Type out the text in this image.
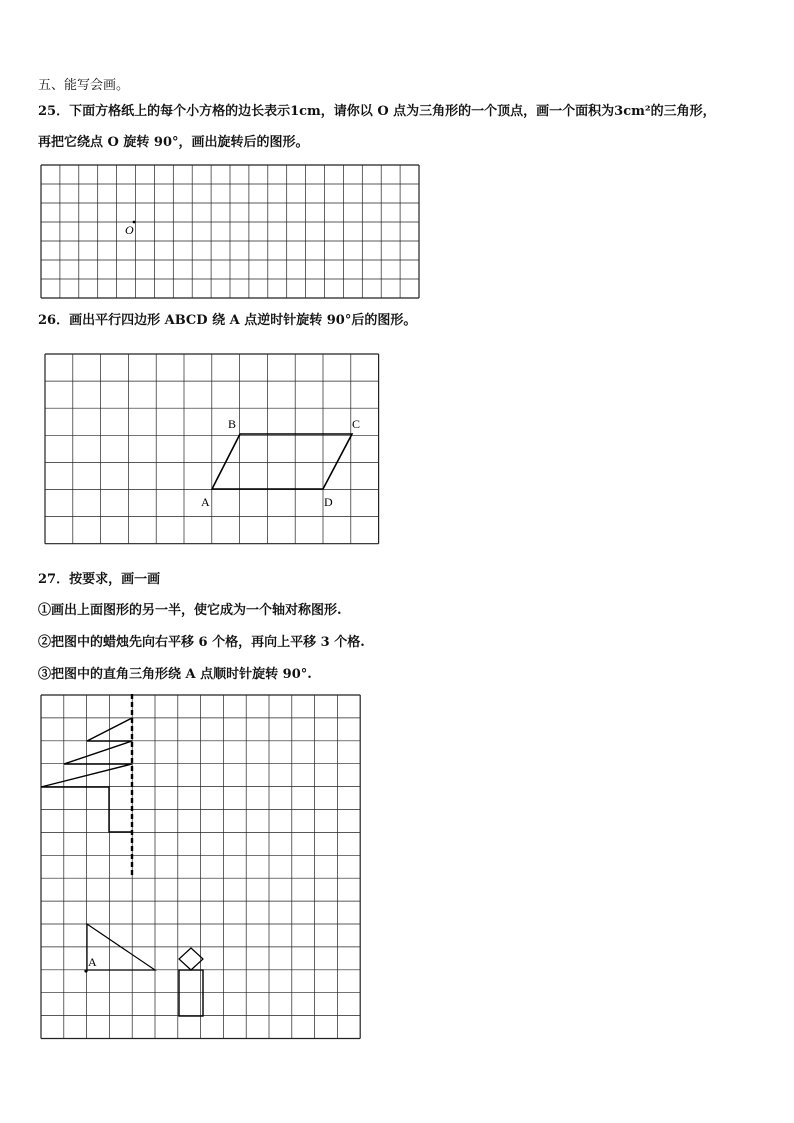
五、能写会画。
25．下面方格纸上的每个小方格的边长表示1cm，请你以 O 点为三角形的一个顶点，画一个面积为3cm²的三角形，
再把它绕点 O 旋转 90°，画出旋转后的图形。
O
26．画出平行四边形 ABCD 绕 A 点逆时针旋转 90°后的图形。
B	C
A	D
27．按要求，画一画
①画出上面图形的另一半，使它成为一个轴对称图形.
②把图中的蜡烛先向右平移 6 个格，再向上平移 3 个格.
③把图中的直角三角形绕 A 点顺时针旋转 90°.
A
